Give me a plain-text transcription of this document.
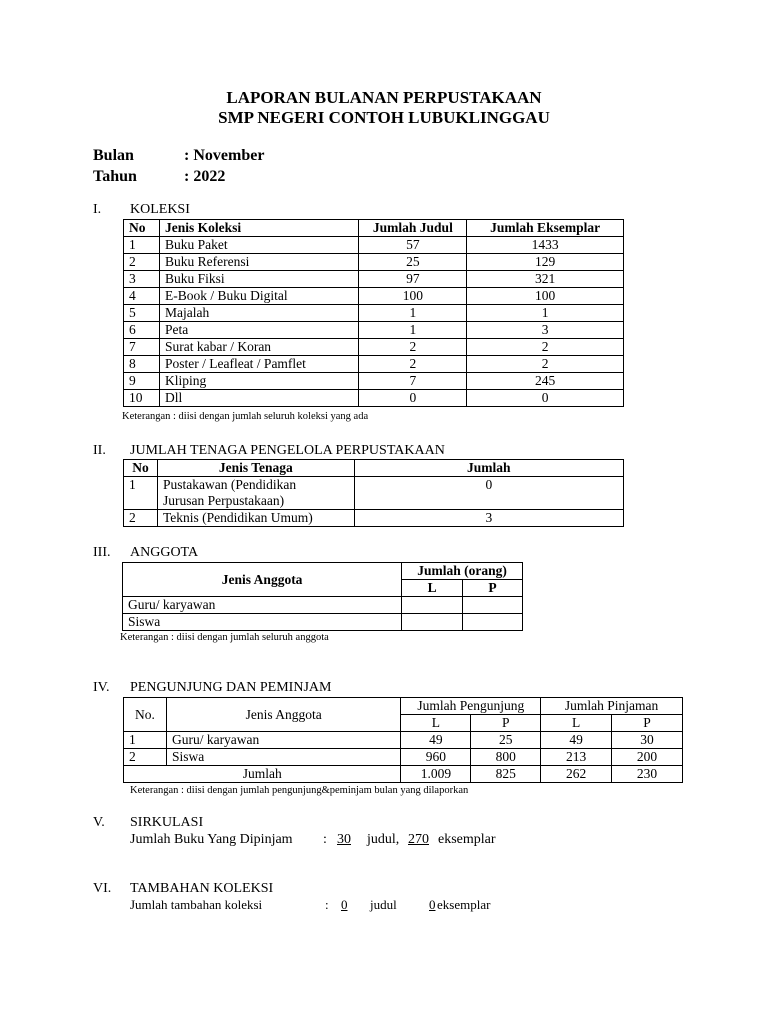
LAPORAN BULANAN PERPUSTAKAAN
SMP NEGERI CONTOH LUBUKLINGGAU
Bulan	: November
Tahun	: 2022
I. KOLEKSI
No	Jenis Koleksi	Jumlah Judul	Jumlah Eksemplar
1	Buku Paket	57	1433
2	Buku Referensi	25	129
3	Buku Fiksi	97	321
4	E-Book / Buku Digital	100	100
5	Majalah	1	1
6	Peta	1	3
7	Surat kabar / Koran	2	2
8	Poster / Leafleat / Pamflet	2	2
9	Kliping	7	245
10	Dll	0	0
Keterangan : diisi dengan jumlah seluruh koleksi yang ada
II. JUMLAH TENAGA PENGELOLA PERPUSTAKAAN
No	Jenis Tenaga	Jumlah
1	Pustakawan (Pendidikan
Jurusan Perpustakaan)	0
2	Teknis (Pendidikan Umum)	3
III. ANGGOTA
Jenis Anggota	Jumlah (orang)	
	L	P
Guru/ karyawan		
Siswa		
Keterangan : diisi dengan jumlah seluruh anggota
IV. PENGUNJUNG DAN PEMINJAM
No.	Jenis Anggota	Jumlah Pengunjung		Jumlah Pinjaman	
		L	P	L	P
1	Guru/ karyawan	49	25	49	30
2	Siswa	960	800	213	200
Jumlah		1.009	825	262	230
Keterangan : diisi dengan jumlah pengunjung&peminjam bulan yang dilaporkan
V. SIRKULASI
Jumlah Buku Yang Dipinjam : 30 judul, 270 eksemplar
VI. TAMBAHAN KOLEKSI
Jumlah tambahan koleksi	: 0	judul 0 eksemplar
